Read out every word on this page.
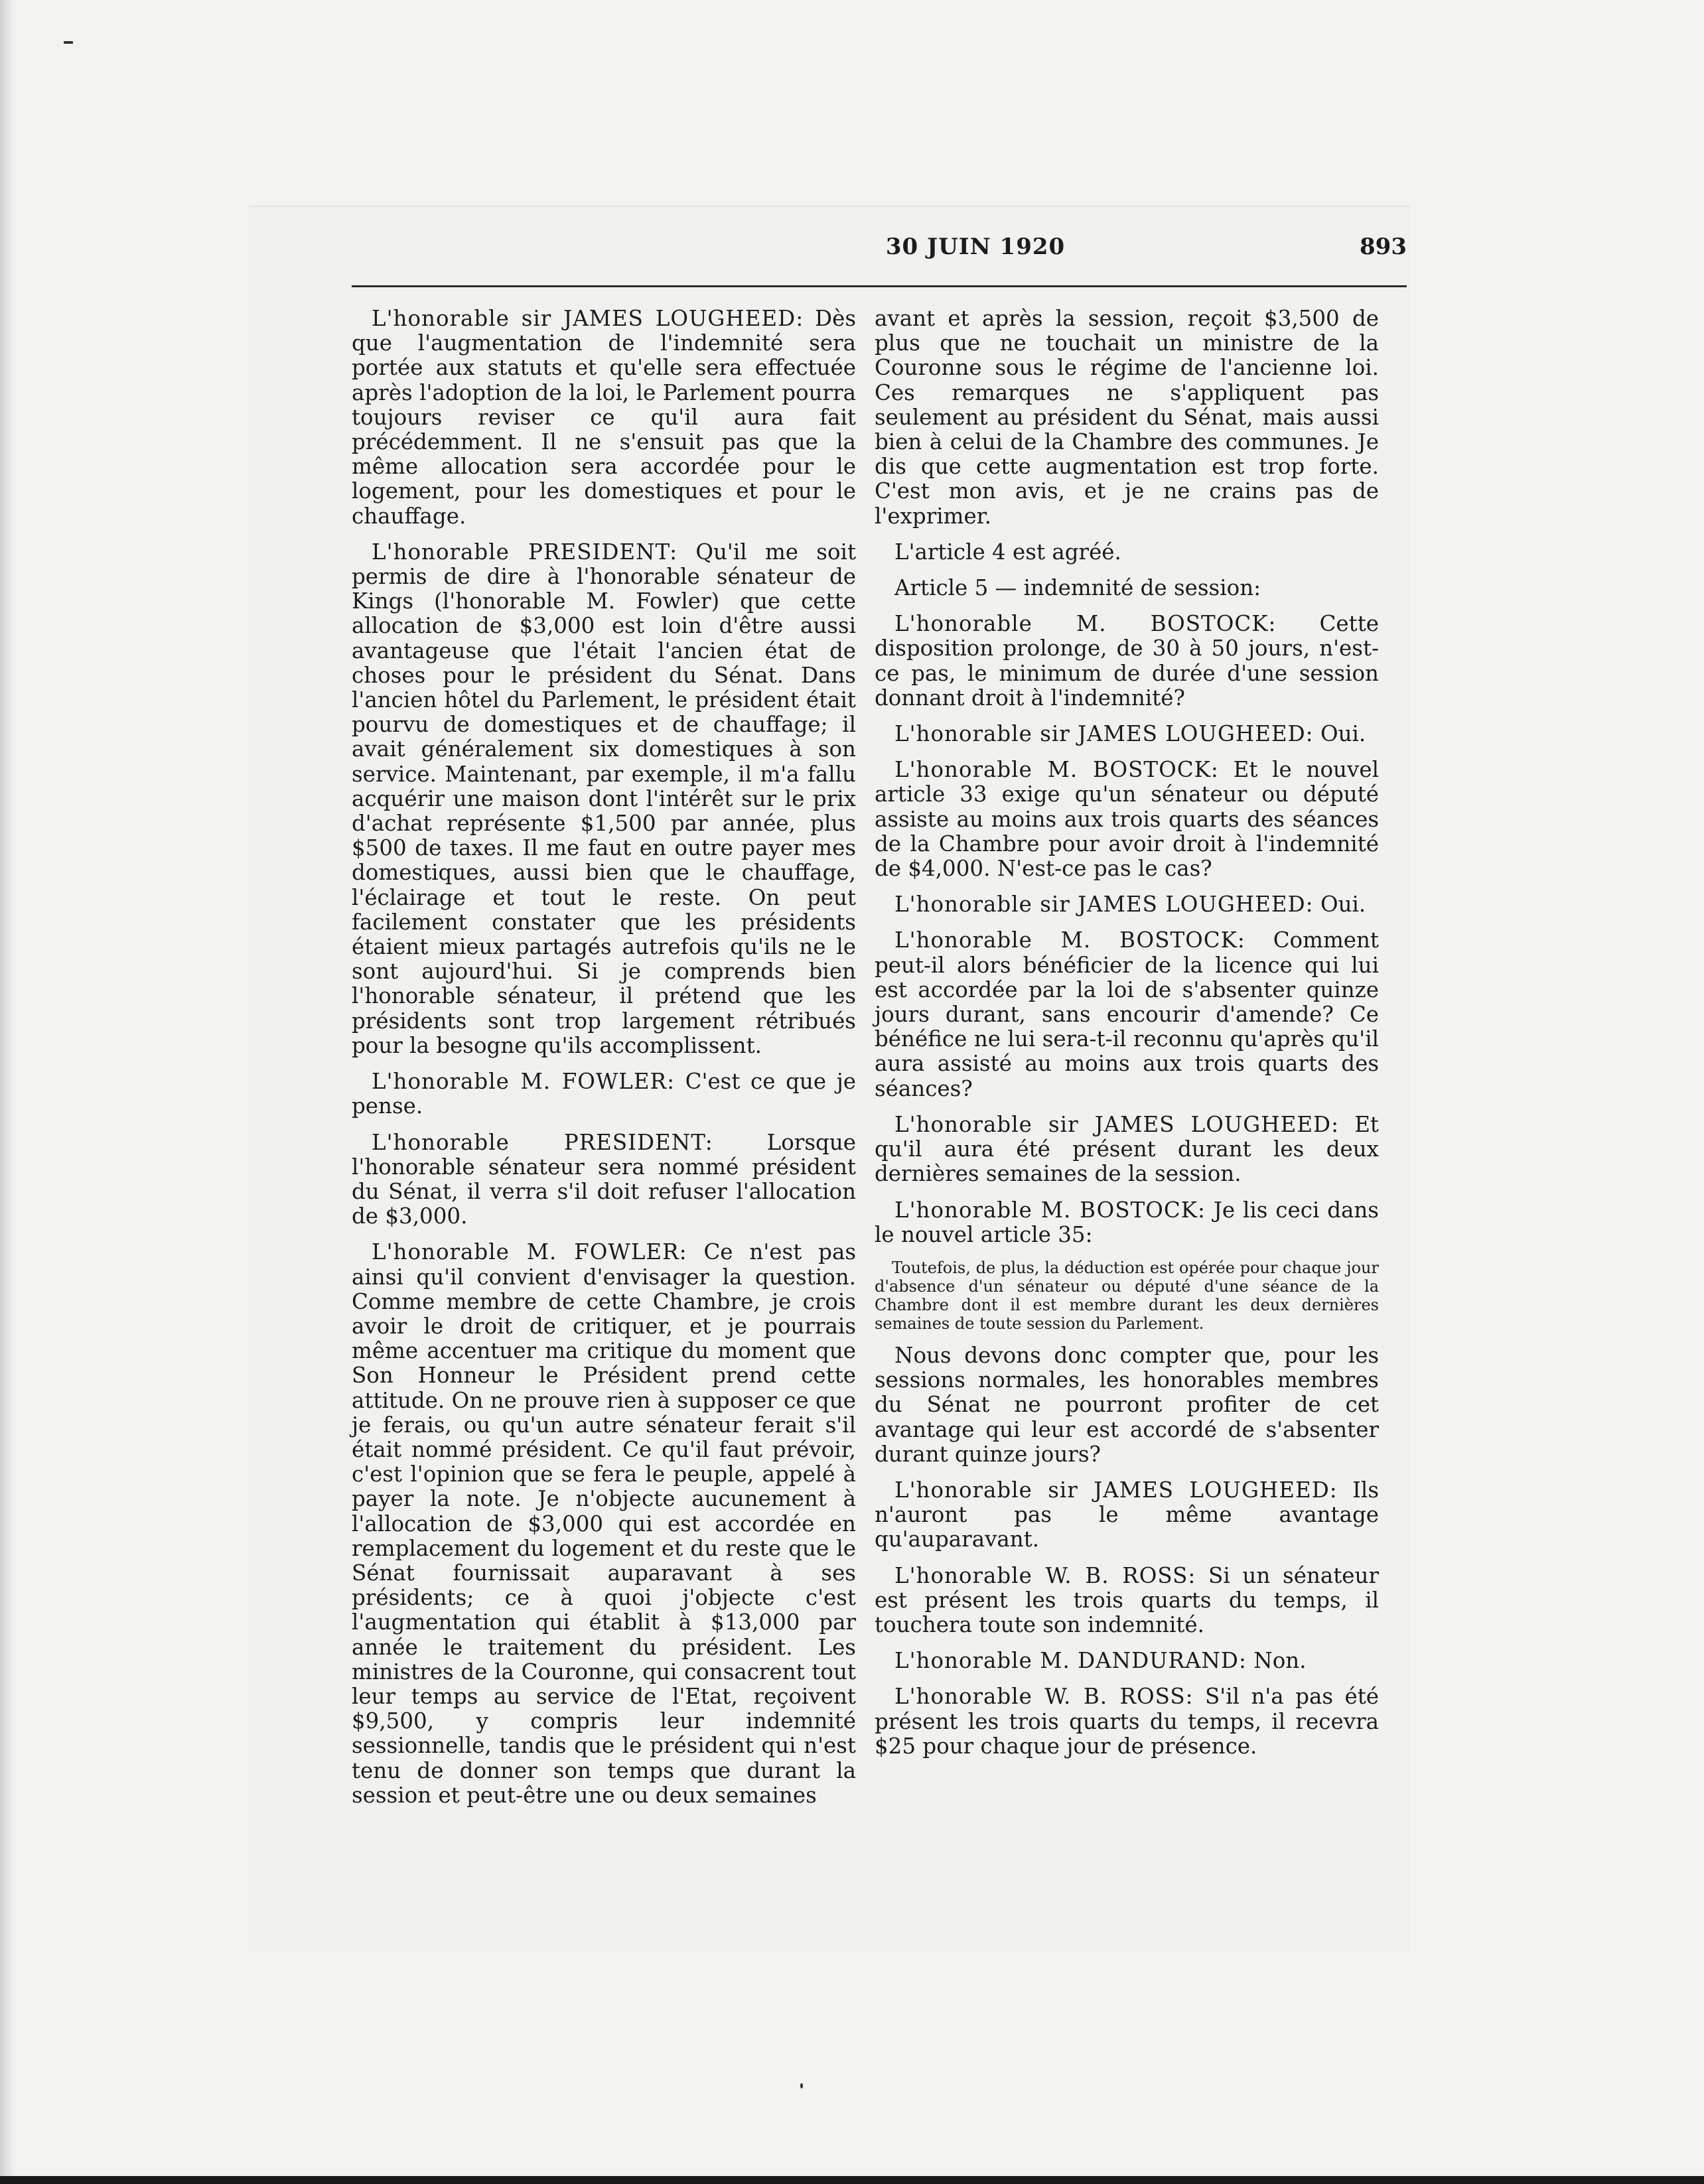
30 JUIN 1920	893

L'honorable sir JAMES LOUGHEED: Dès que l'augmentation de l'indemnité sera portée aux statuts et qu'elle sera effectuée après l'adoption de la loi, le Parlement pourra toujours reviser ce qu'il aura fait précédemment. Il ne s'ensuit pas que la même allocation sera accordée pour le logement, pour les domestiques et pour le chauffage.

L'honorable PRESIDENT: Qu'il me soit permis de dire à l'honorable sénateur de Kings (l'honorable M. Fowler) que cette allocation de $3,000 est loin d'être aussi avantageuse que l'était l'ancien état de choses pour le président du Sénat. Dans l'ancien hôtel du Parlement, le président était pourvu de domestiques et de chauffage; il avait généralement six domestiques à son service. Maintenant, par exemple, il m'a fallu acquérir une maison dont l'intérêt sur le prix d'achat représente $1,500 par année, plus $500 de taxes. Il me faut en outre payer mes domestiques, aussi bien que le chauffage, l'éclairage et tout le reste. On peut facilement constater que les présidents étaient mieux partagés autrefois qu'ils ne le sont aujourd'hui. Si je comprends bien l'honorable sénateur, il prétend que les présidents sont trop largement rétribués pour la besogne qu'ils accomplissent.

L'honorable M. FOWLER: C'est ce que je pense.

L'honorable PRESIDENT: Lorsque l'honorable sénateur sera nommé président du Sénat, il verra s'il doit refuser l'allocation de $3,000.

L'honorable M. FOWLER: Ce n'est pas ainsi qu'il convient d'envisager la question. Comme membre de cette Chambre, je crois avoir le droit de critiquer, et je pourrais même accentuer ma critique du moment que Son Honneur le Président prend cette attitude. On ne prouve rien à supposer ce que je ferais, ou qu'un autre sénateur ferait s'il était nommé président. Ce qu'il faut prévoir, c'est l'opinion que se fera le peuple, appelé à payer la note. Je n'objecte aucunement à l'allocation de $3,000 qui est accordée en remplacement du logement et du reste que le Sénat fournissait auparavant à ses présidents; ce à quoi j'objecte c'est l'augmentation qui établit à $13,000 par année le traitement du président. Les ministres de la Couronne, qui consacrent tout leur temps au service de l'Etat, reçoivent $9,500, y compris leur indemnité sessionnelle, tandis que le président qui n'est tenu de donner son temps que durant la session et peut-être une ou deux semaines

avant et après la session, reçoit $3,500 de plus que ne touchait un ministre de la Couronne sous le régime de l'ancienne loi. Ces remarques ne s'appliquent pas seulement au président du Sénat, mais aussi bien à celui de la Chambre des communes. Je dis que cette augmentation est trop forte. C'est mon avis, et je ne crains pas de l'exprimer.

L'article 4 est agréé.

Article 5 — indemnité de session:

L'honorable M. BOSTOCK: Cette disposition prolonge, de 30 à 50 jours, n'est-ce pas, le minimum de durée d'une session donnant droit à l'indemnité?

L'honorable sir JAMES LOUGHEED: Oui.

L'honorable M. BOSTOCK: Et le nouvel article 33 exige qu'un sénateur ou député assiste au moins aux trois quarts des séances de la Chambre pour avoir droit à l'indemnité de $4,000. N'est-ce pas le cas?

L'honorable sir JAMES LOUGHEED: Oui.

L'honorable M. BOSTOCK: Comment peut-il alors bénéficier de la licence qui lui est accordée par la loi de s'absenter quinze jours durant, sans encourir d'amende? Ce bénéfice ne lui sera-t-il reconnu qu'après qu'il aura assisté au moins aux trois quarts des séances?

L'honorable sir JAMES LOUGHEED: Et qu'il aura été présent durant les deux dernières semaines de la session.

L'honorable M. BOSTOCK: Je lis ceci dans le nouvel article 35:

Toutefois, de plus, la déduction est opérée pour chaque jour d'absence d'un sénateur ou député d'une séance de la Chambre dont il est membre durant les deux dernières semaines de toute session du Parlement.

Nous devons donc compter que, pour les sessions normales, les honorables membres du Sénat ne pourront profiter de cet avantage qui leur est accordé de s'absenter durant quinze jours?

L'honorable sir JAMES LOUGHEED: Ils n'auront pas le même avantage qu'auparavant.

L'honorable W. B. ROSS: Si un sénateur est présent les trois quarts du temps, il touchera toute son indemnité.

L'honorable M. DANDURAND: Non.

L'honorable W. B. ROSS: S'il n'a pas été présent les trois quarts du temps, il recevra $25 pour chaque jour de présence.
